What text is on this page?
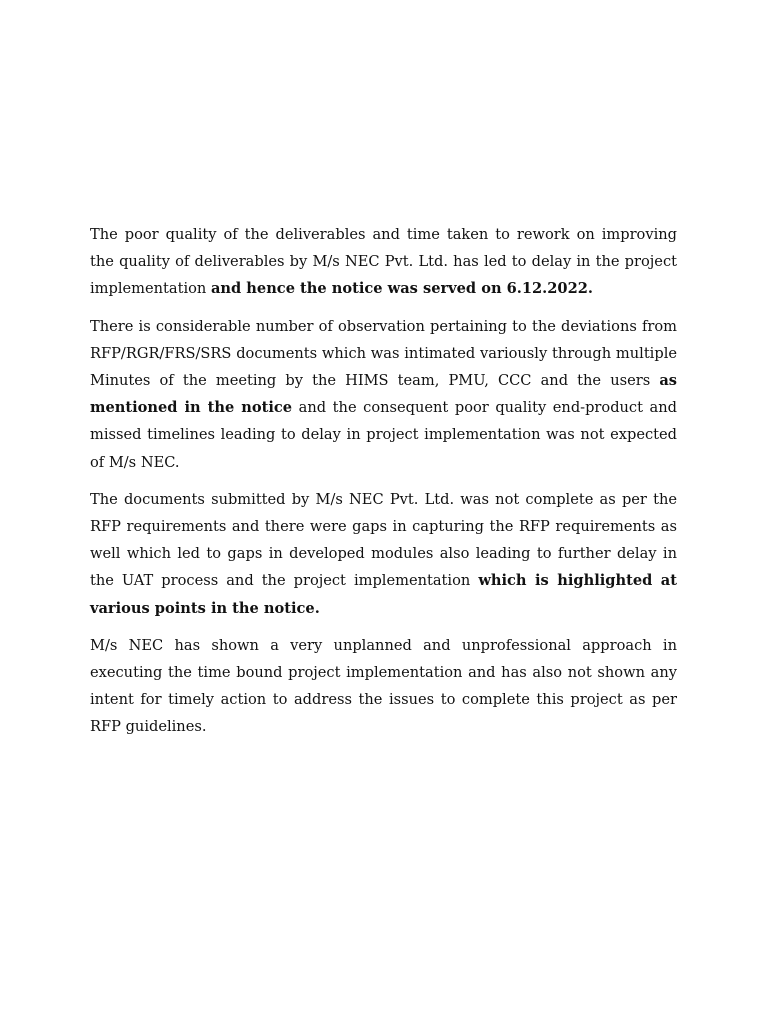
The poor quality of the deliverables and time taken to rework on improving the quality of deliverables by M/s NEC Pvt. Ltd. has led to delay in the project implementation and hence the notice was served on 6.12.2022.

There is considerable number of observation pertaining to the deviations from RFP/RGR/FRS/SRS documents which was intimated variously through multiple Minutes of the meeting by the HIMS team, PMU, CCC and the users as mentioned in the notice and the consequent poor quality end-product and missed timelines leading to delay in project implementation was not expected of M/s NEC.

The documents submitted by M/s NEC Pvt. Ltd. was not complete as per the RFP requirements and there were gaps in capturing the RFP requirements as well which led to gaps in developed modules also leading to further delay in the UAT process and the project implementation which is highlighted at various points in the notice.

M/s NEC has shown a very unplanned and unprofessional approach in executing the time bound project implementation and has also not shown any intent for timely action to address the issues to complete this project as per RFP guidelines.
